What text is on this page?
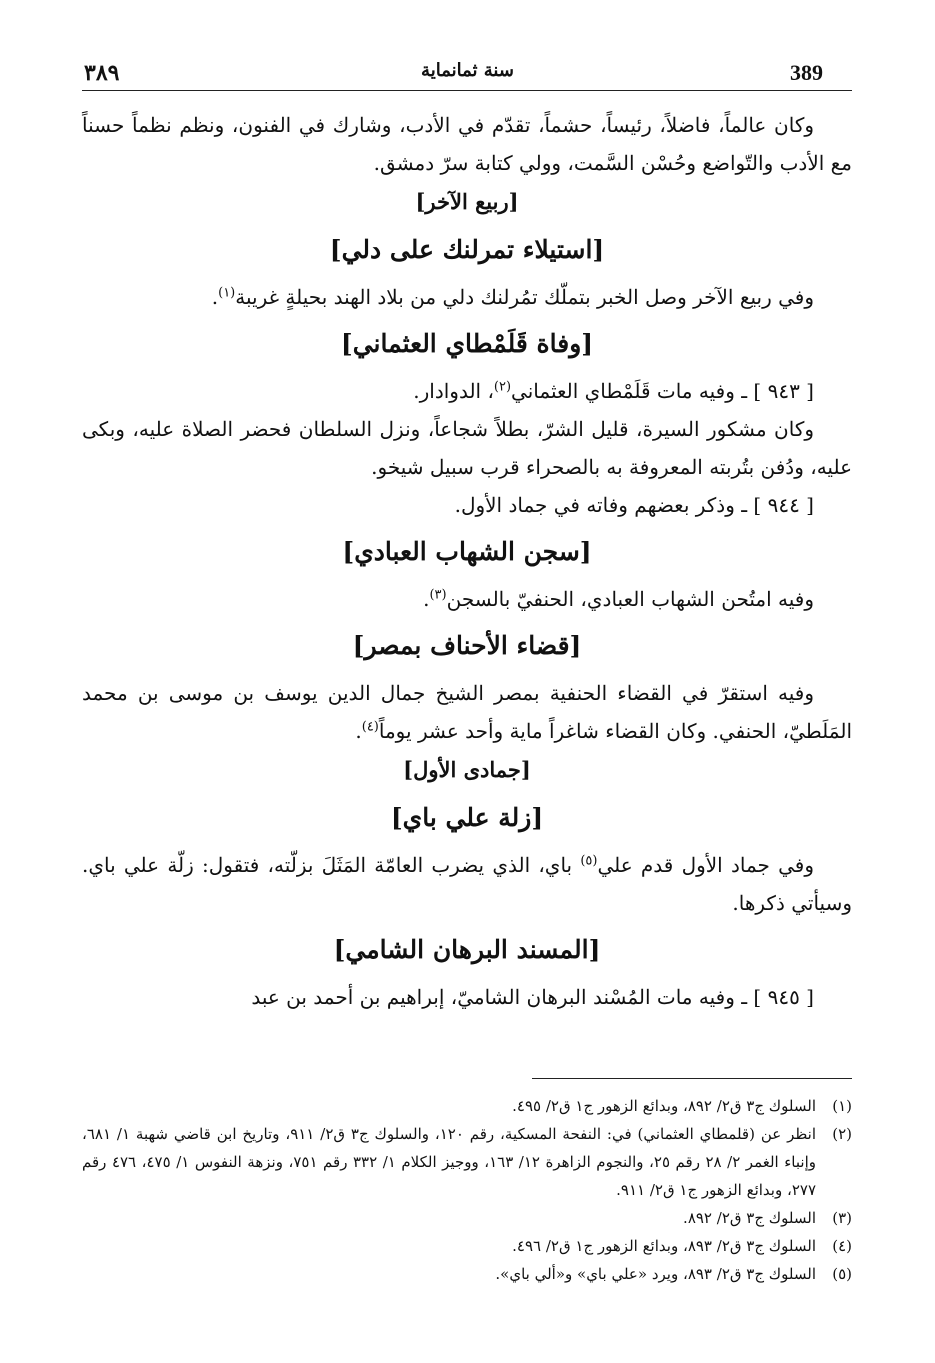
389
سنة ثمانماية
٣٨٩

وكان عالماً، فاضلاً، رئيساً، حشماً، تقدّم في الأدب، وشارك في الفنون، ونظم نظماً حسناً مع الأدب والتّواضع وحُسْن السَّمت، وولي كتابة سرّ دمشق.

[ربيع الآخر]

[استيلاء تمرلنك على دلي]

وفي ربيع الآخر وصل الخبر بتملّك تمُرلنك دلي من بلاد الهند بحيلةٍ غريبة$^{(١)}$.

[وفاة قَلَمْطاي العثماني]

[ ٩٤٣ ] ـ وفيه مات قَلَمْطاي العثماني$^{(٢)}$، الدوادار.

وكان مشكور السيرة، قليل الشرّ، بطلاً شجاعاً، ونزل السلطان فحضر الصلاة عليه، وبكى عليه، ودُفن بتُربته المعروفة به بالصحراء قرب سبيل شيخو.

[ ٩٤٤ ] ـ وذكر بعضهم وفاته في جماد الأول.

[سجن الشهاب العبادي]

وفيه امتُحن الشهاب العبادي، الحنفيّ بالسجن$^{(٣)}$.

[قضاء الأحناف بمصر]

وفيه استقرّ في القضاء الحنفية بمصر الشيخ جمال الدين يوسف بن موسى بن محمد المَلَطيّ، الحنفي. وكان القضاء شاغراً ماية وأحد عشر يوماً$^{(٤)}$.

[جمادى الأول]

[زلة علي باي]

وفي جماد الأول قدم علي$^{(٥)}$ باي، الذي يضرب العامّة المَثَلَ بزلّته، فتقول: زلّة علي باي. وسيأتي ذكرها.

[المسند البرهان الشامي]

[ ٩٤٥ ] ـ وفيه مات المُسْند البرهان الشاميّ، إبراهيم بن أحمد بن عبد

(١)
السلوك ج٣ ق٢/ ٨٩٢، وبدائع الزهور ج١ ق٢/ ٤٩٥.

(٢)
انظر عن (قلمطاي العثماني) في: النفحة المسكية، رقم ١٢٠، والسلوك ج٣ ق٢/ ٩١١، وتاريخ ابن قاضي شهبة ١/ ٦٨١، وإنباء الغمر ٢/ ٢٨ رقم ٢٥، والنجوم الزاهرة ١٢/ ١٦٣، ووجيز الكلام ١/ ٣٣٢ رقم ٧٥١، ونزهة النفوس ١/ ٤٧٥، ٤٧٦ رقم ٢٧٧، وبدائع الزهور ج١ ق٢/ ٩١١.

(٣)
السلوك ج٣ ق٢/ ٨٩٢.

(٤)
السلوك ج٣ ق٢/ ٨٩٣، وبدائع الزهور ج١ ق٢/ ٤٩٦.

(٥)
السلوك ج٣ ق٢/ ٨٩٣، ويرد «علي باي» و«ألي باي».
